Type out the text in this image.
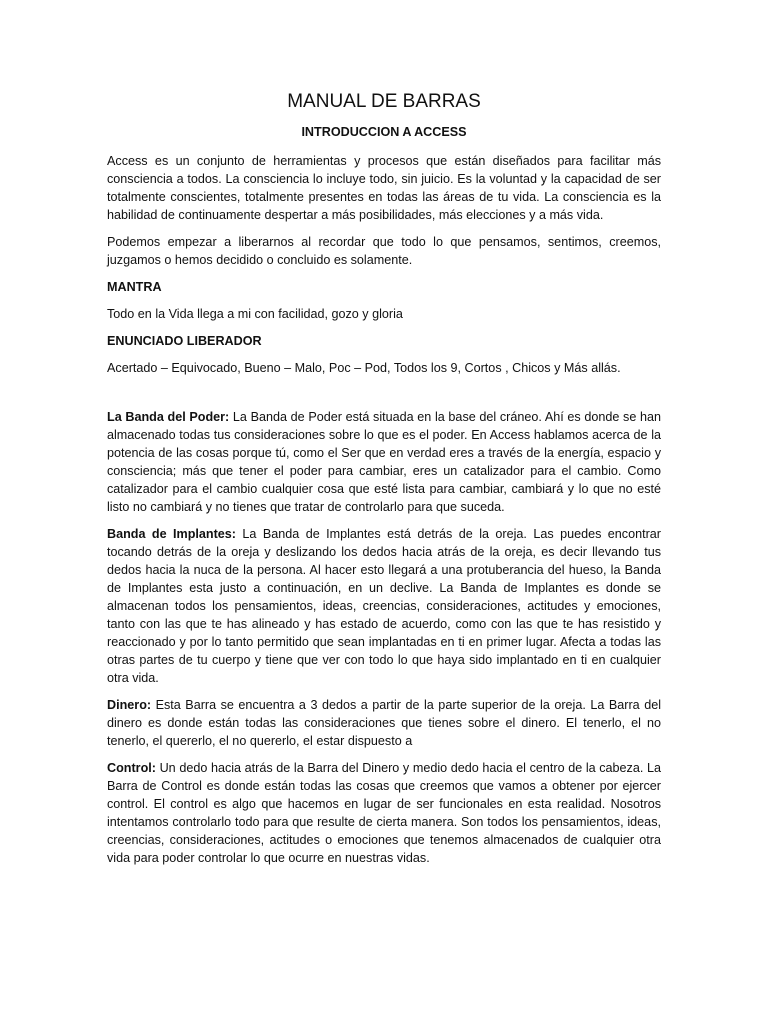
MANUAL DE BARRAS
INTRODUCCION A ACCESS

Access es un conjunto de herramientas y procesos que están diseñados para facilitar más consciencia a todos. La consciencia lo incluye todo, sin juicio. Es la voluntad y la capacidad de ser totalmente conscientes, totalmente presentes en todas las áreas de tu vida. La consciencia es la habilidad de continuamente despertar a más posibilidades, más elecciones y a más vida.

Podemos empezar a liberarnos al recordar que todo lo que pensamos, sentimos, creemos, juzgamos o hemos decidido o concluido es solamente.

MANTRA

Todo en la Vida llega a mi con facilidad, gozo y gloria

ENUNCIADO LIBERADOR

Acertado – Equivocado, Bueno – Malo, Poc – Pod, Todos los 9, Cortos , Chicos y Más allás.

La Banda del Poder: La Banda de Poder está situada en la base del cráneo. Ahí es donde se han almacenado todas tus consideraciones sobre lo que es el poder. En Access hablamos acerca de la potencia de las cosas porque tú, como el Ser que en verdad eres a través de la energía, espacio y consciencia; más que tener el poder para cambiar, eres un catalizador para el cambio. Como catalizador para el cambio cualquier cosa que esté lista para cambiar, cambiará y lo que no esté listo no cambiará y no tienes que tratar de controlarlo para que suceda.

Banda de Implantes: La Banda de Implantes está detrás de la oreja. Las puedes encontrar tocando detrás de la oreja y deslizando los dedos hacia atrás de la oreja, es decir llevando tus dedos hacia la nuca de la persona. Al hacer esto llegará a una protuberancia del hueso, la Banda de Implantes esta justo a continuación, en un declive. La Banda de Implantes es donde se almacenan todos los pensamientos, ideas, creencias, consideraciones, actitudes y emociones, tanto con las que te has alineado y has estado de acuerdo, como con las que te has resistido y reaccionado y por lo tanto permitido que sean implantadas en ti en primer lugar. Afecta a todas las otras partes de tu cuerpo y tiene que ver con todo lo que haya sido implantado en ti en cualquier otra vida.

Dinero: Esta Barra se encuentra a 3 dedos a partir de la parte superior de la oreja. La Barra del dinero es donde están todas las consideraciones que tienes sobre el dinero. El tenerlo, el no tenerlo, el quererlo, el no quererlo, el estar dispuesto a

Control: Un dedo hacia atrás de la Barra del Dinero y medio dedo hacia el centro de la cabeza. La Barra de Control es donde están todas las cosas que creemos que vamos a obtener por ejercer control. El control es algo que hacemos en lugar de ser funcionales en esta realidad. Nosotros intentamos controlarlo todo para que resulte de cierta manera. Son todos los pensamientos, ideas, creencias, consideraciones, actitudes o emociones que tenemos almacenados de cualquier otra vida para poder controlar lo que ocurre en nuestras vidas.
